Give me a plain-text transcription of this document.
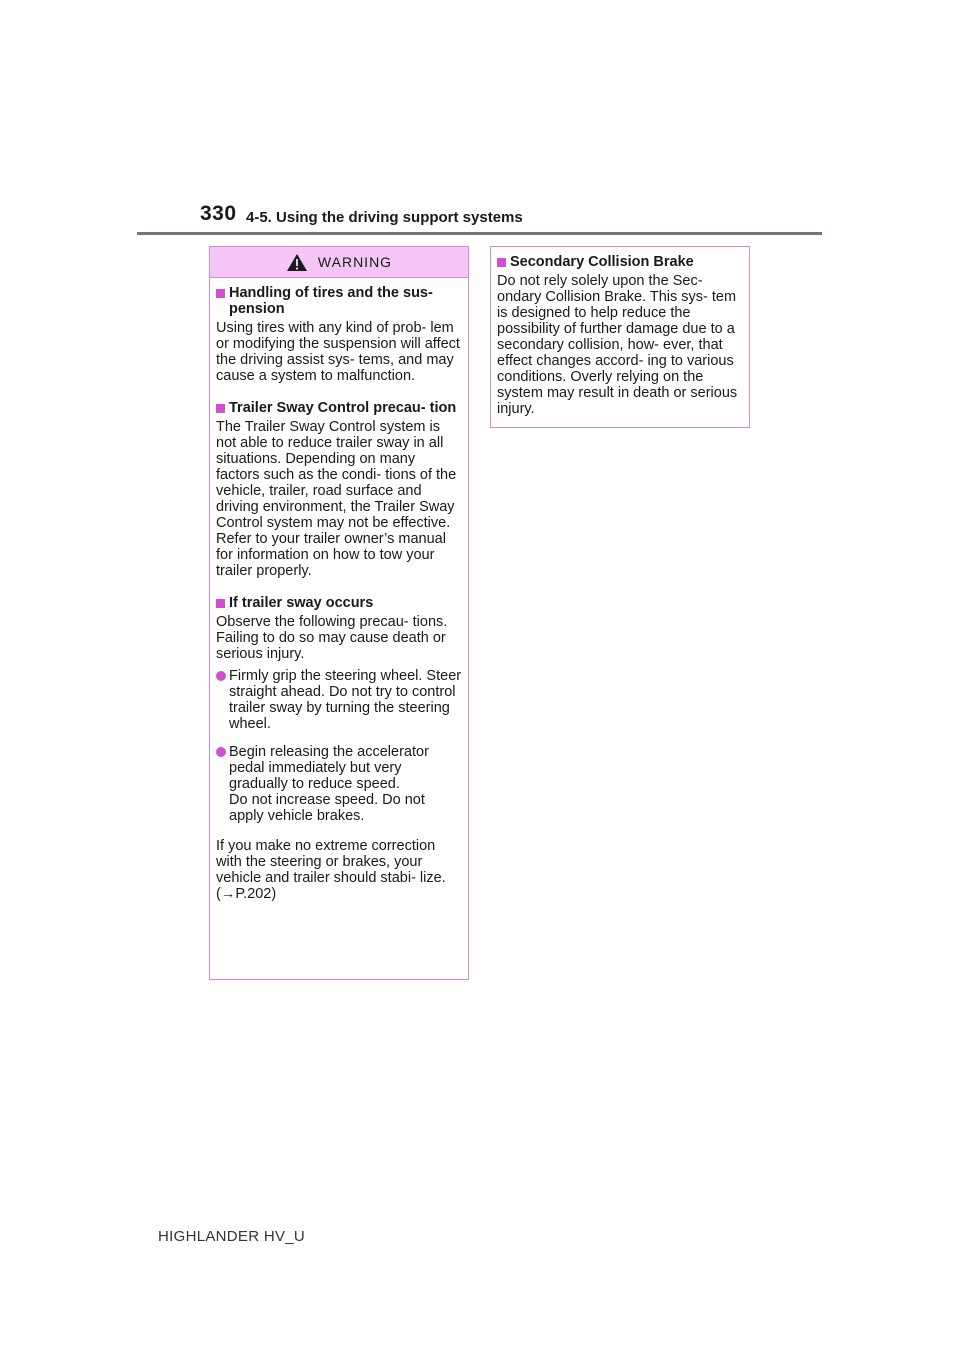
330 4-5. Using the driving support systems
WARNING
Handling of tires and the sus- pension
Using tires with any kind of prob- lem or modifying the suspension will affect the driving assist sys- tems, and may cause a system to malfunction.
Trailer Sway Control precau- tion
The Trailer Sway Control system is not able to reduce trailer sway in all situations. Depending on many factors such as the condi- tions of the vehicle, trailer, road surface and driving environment, the Trailer Sway Control system may not be effective. Refer to your trailer owner’s manual for information on how to tow your trailer properly.
If trailer sway occurs
Observe the following precau- tions.
Failing to do so may cause death or serious injury.
Firmly grip the steering wheel. Steer straight ahead. Do not try to control trailer sway by turning the steering wheel.
Begin releasing the accelerator pedal immediately but very gradually to reduce speed.
Do not increase speed. Do not apply vehicle brakes.
If you make no extreme correction with the steering or brakes, your vehicle and trailer should stabi- lize. (→P.202)
Secondary Collision Brake
Do not rely solely upon the Sec- ondary Collision Brake. This sys- tem is designed to help reduce the possibility of further damage due to a secondary collision, how- ever, that effect changes accord- ing to various conditions. Overly relying on the system may result in death or serious injury.
HIGHLANDER HV_U
